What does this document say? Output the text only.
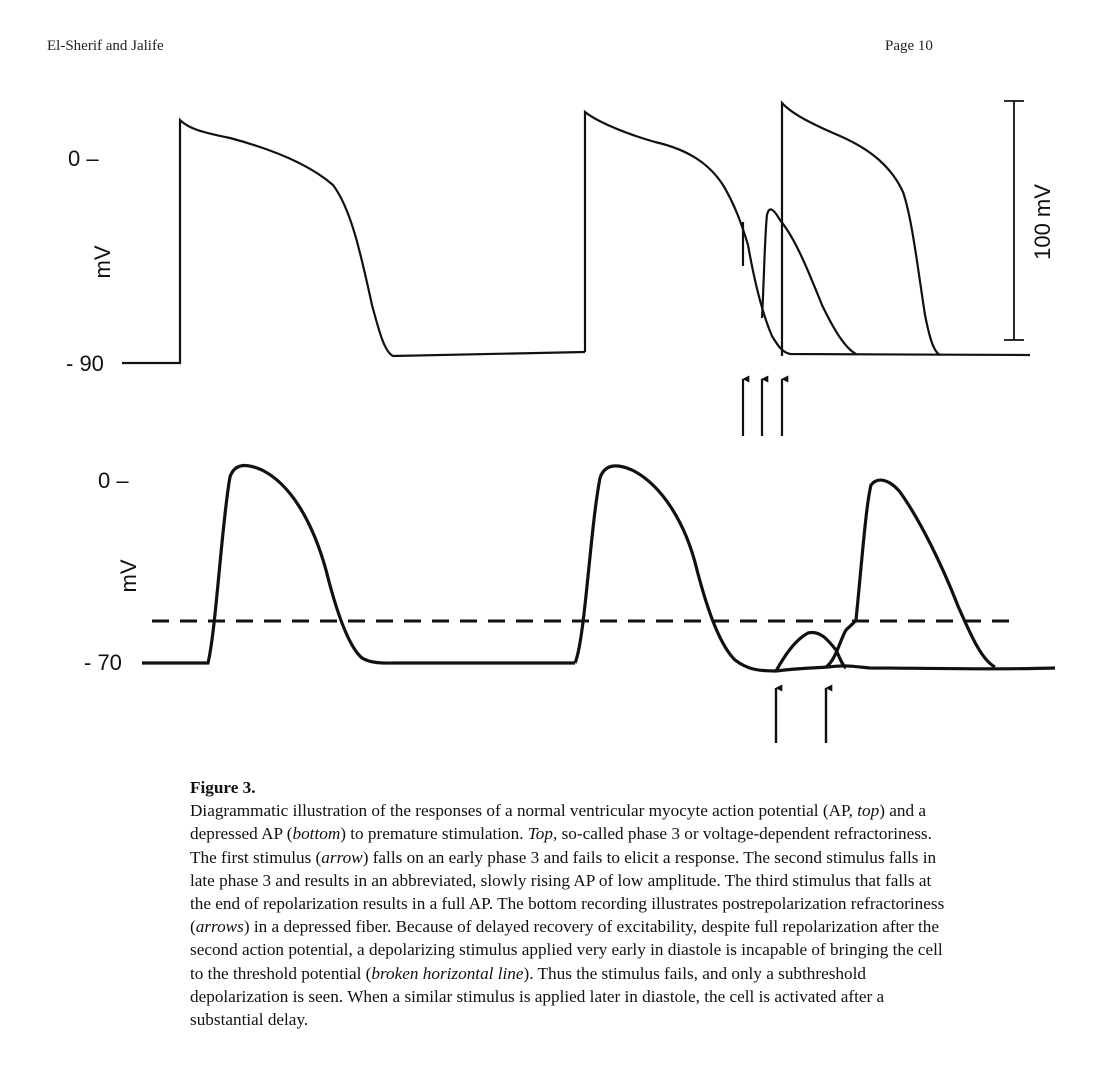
El-Sherif and Jalife	Page 10
0 –
- 90
mV
100 mV
0 –
- 70
mV
Figure 3.
Diagrammatic illustration of the responses of a normal ventricular myocyte action potential (AP, top) and a depressed AP (bottom) to premature stimulation. Top, so-called phase 3 or voltage-dependent refractoriness. The first stimulus (arrow) falls on an early phase 3 and fails to elicit a response. The second stimulus falls in late phase 3 and results in an abbreviated, slowly rising AP of low amplitude. The third stimulus that falls at the end of repolarization results in a full AP. The bottom recording illustrates postrepolarization refractoriness (arrows) in a depressed fiber. Because of delayed recovery of excitability, despite full repolarization after the second action potential, a depolarizing stimulus applied very early in diastole is incapable of bringing the cell to the threshold potential (broken horizontal line). Thus the stimulus fails, and only a subthreshold depolarization is seen. When a similar stimulus is applied later in diastole, the cell is activated after a substantial delay.
